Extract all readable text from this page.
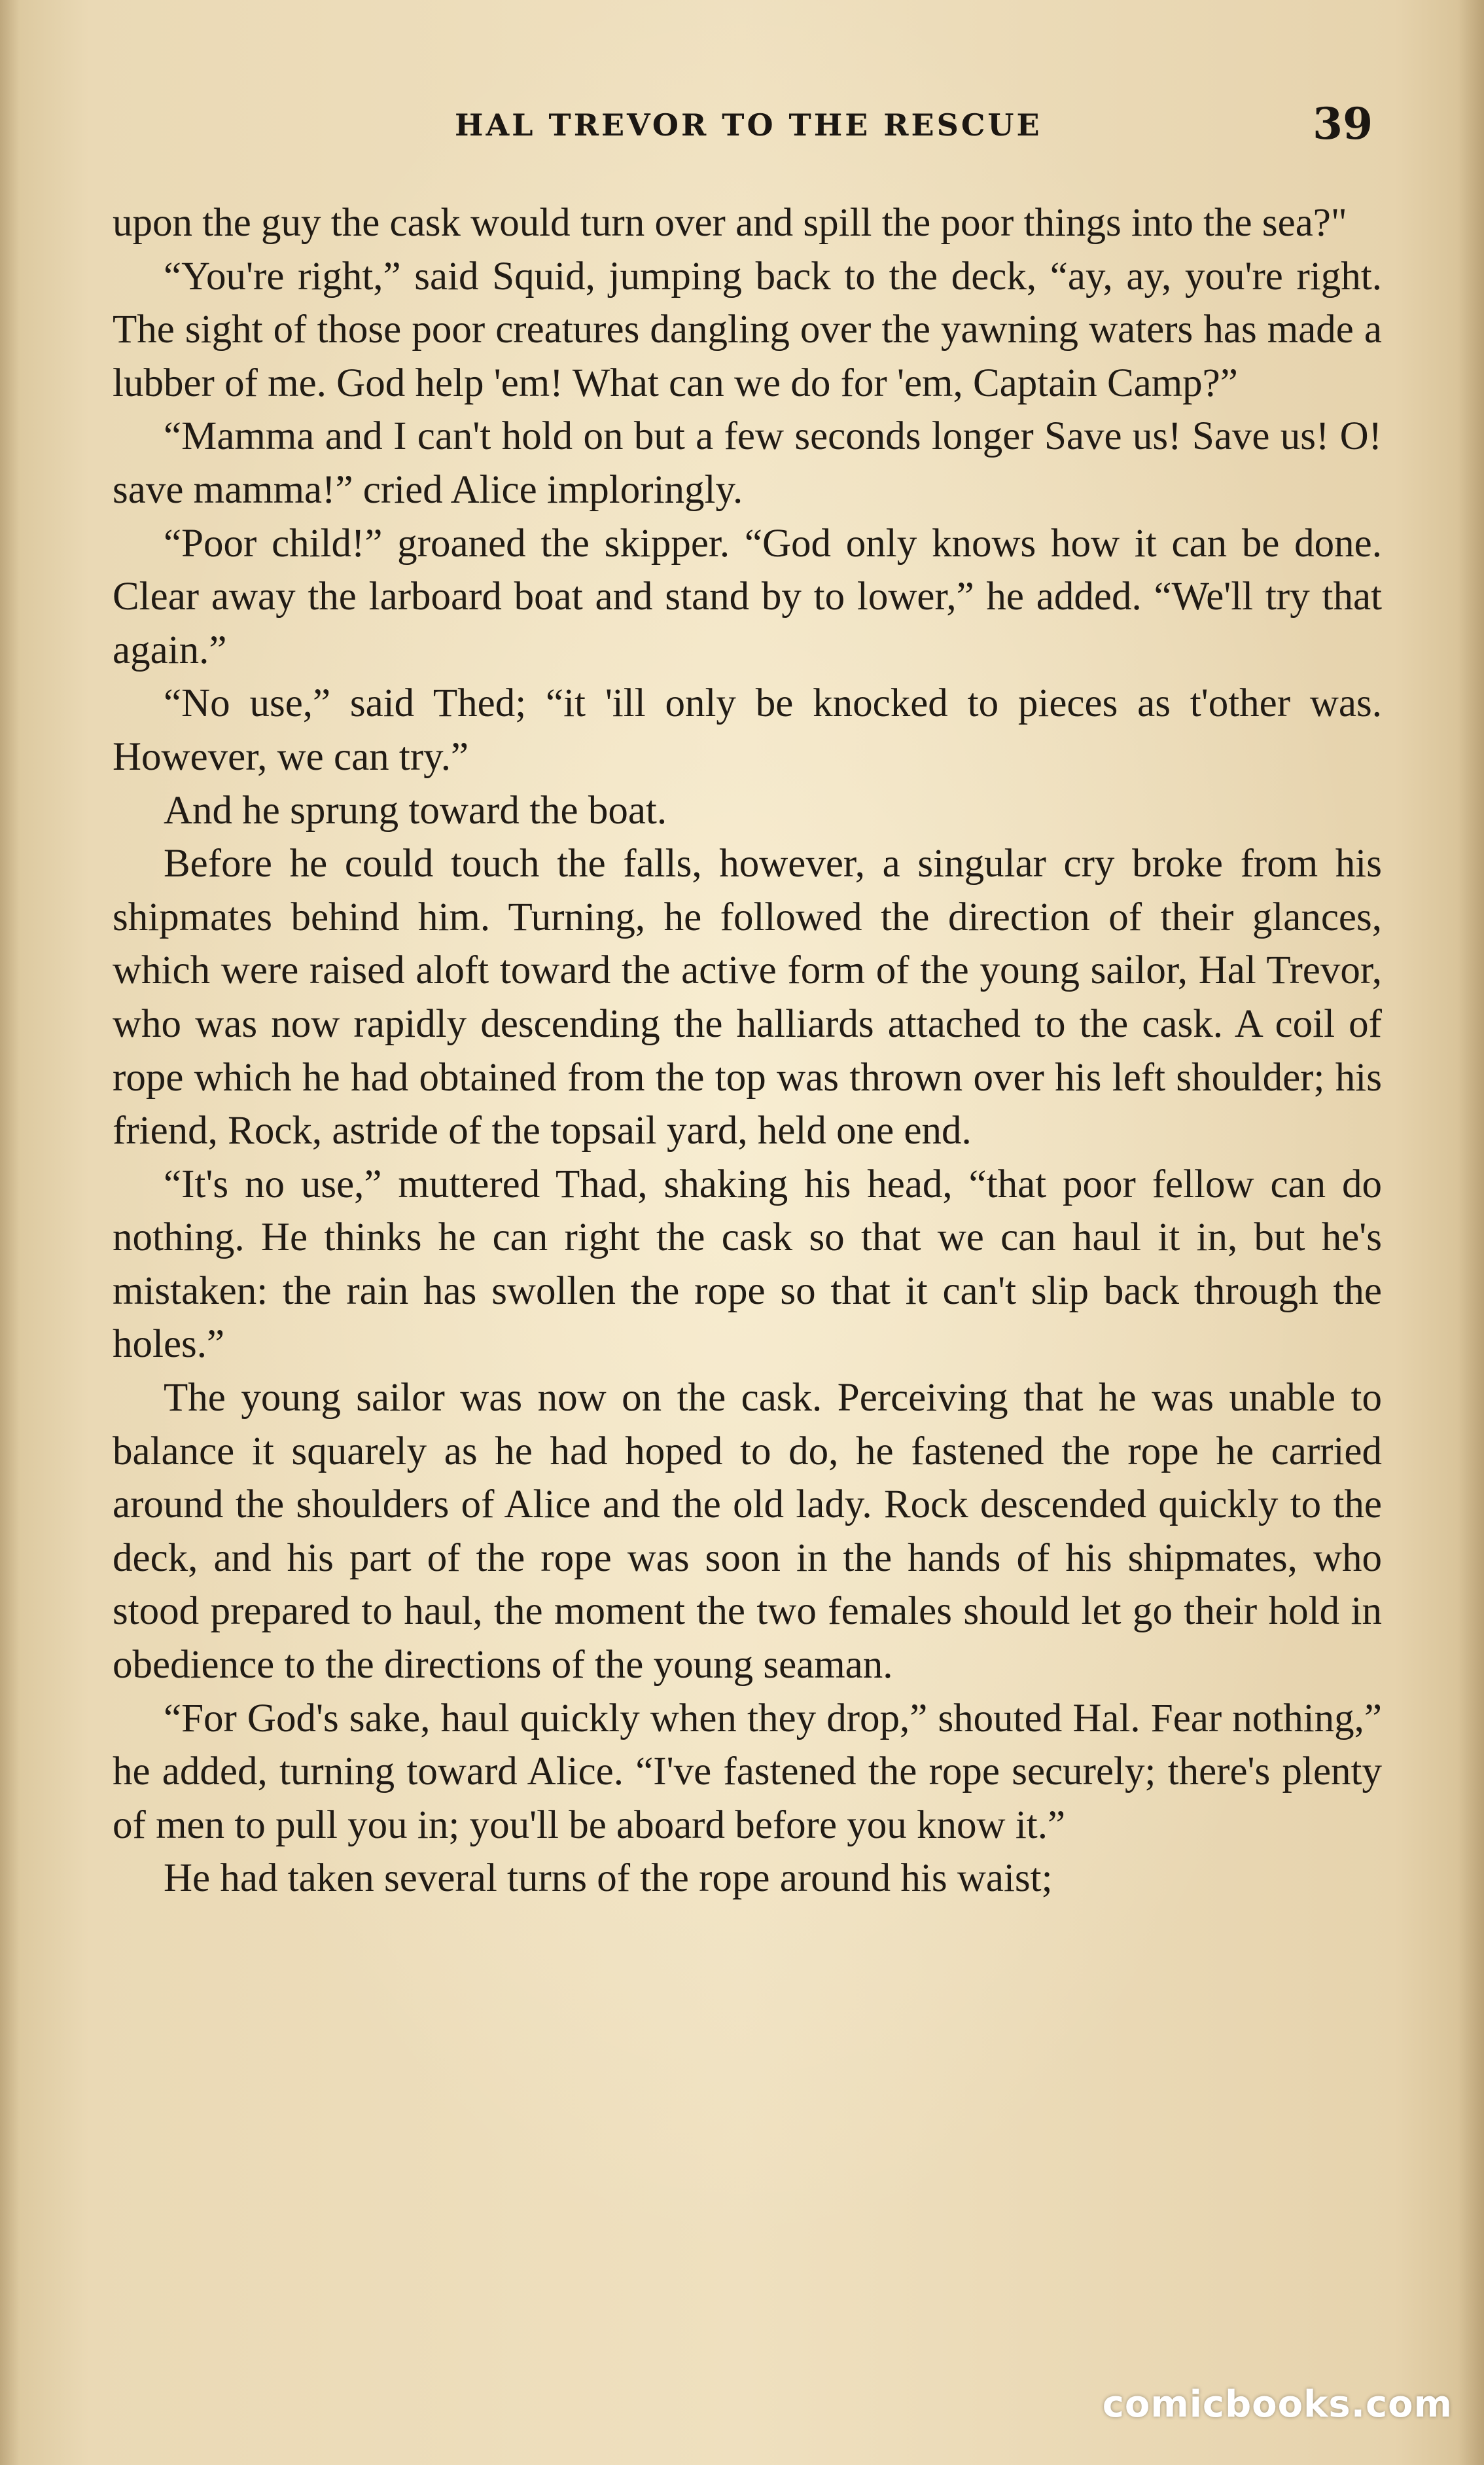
HAL TREVOR TO THE RESCUE	39

upon the guy the cask would turn over and spill the poor things into the sea?"

“You're right,” said Squid, jumping back to the deck, “ay, ay, you're right. The sight of those poor creatures dangling over the yawning waters has made a lubber of me. God help 'em! What can we do for 'em, Captain Camp?”

“Mamma and I can't hold on but a few seconds longer Save us! Save us! O! save mamma!” cried Alice imploringly.

“Poor child!” groaned the skipper. “God only knows how it can be done. Clear away the larboard boat and stand by to lower,” he added. “We'll try that again.”

“No use,” said Thed; “it 'ill only be knocked to pieces as t'other was. However, we can try.”

And he sprung toward the boat.

Before he could touch the falls, however, a singular cry broke from his shipmates behind him. Turning, he followed the direction of their glances, which were raised aloft toward the active form of the young sailor, Hal Trevor, who was now rapidly descending the halliards attached to the cask. A coil of rope which he had obtained from the top was thrown over his left shoulder; his friend, Rock, astride of the topsail yard, held one end.

“It's no use,” muttered Thad, shaking his head, “that poor fellow can do nothing. He thinks he can right the cask so that we can haul it in, but he's mistaken: the rain has swollen the rope so that it can't slip back through the holes.”

The young sailor was now on the cask. Perceiving that he was unable to balance it squarely as he had hoped to do, he fastened the rope he carried around the shoulders of Alice and the old lady. Rock descended quickly to the deck, and his part of the rope was soon in the hands of his shipmates, who stood prepared to haul, the moment the two females should let go their hold in obedience to the directions of the young seaman.

“For God's sake, haul quickly when they drop,” shouted Hal. Fear nothing,” he added, turning toward Alice. “I've fastened the rope securely; there's plenty of men to pull you in; you'll be aboard before you know it.”

He had taken several turns of the rope around his waist;

comicbooks.com
